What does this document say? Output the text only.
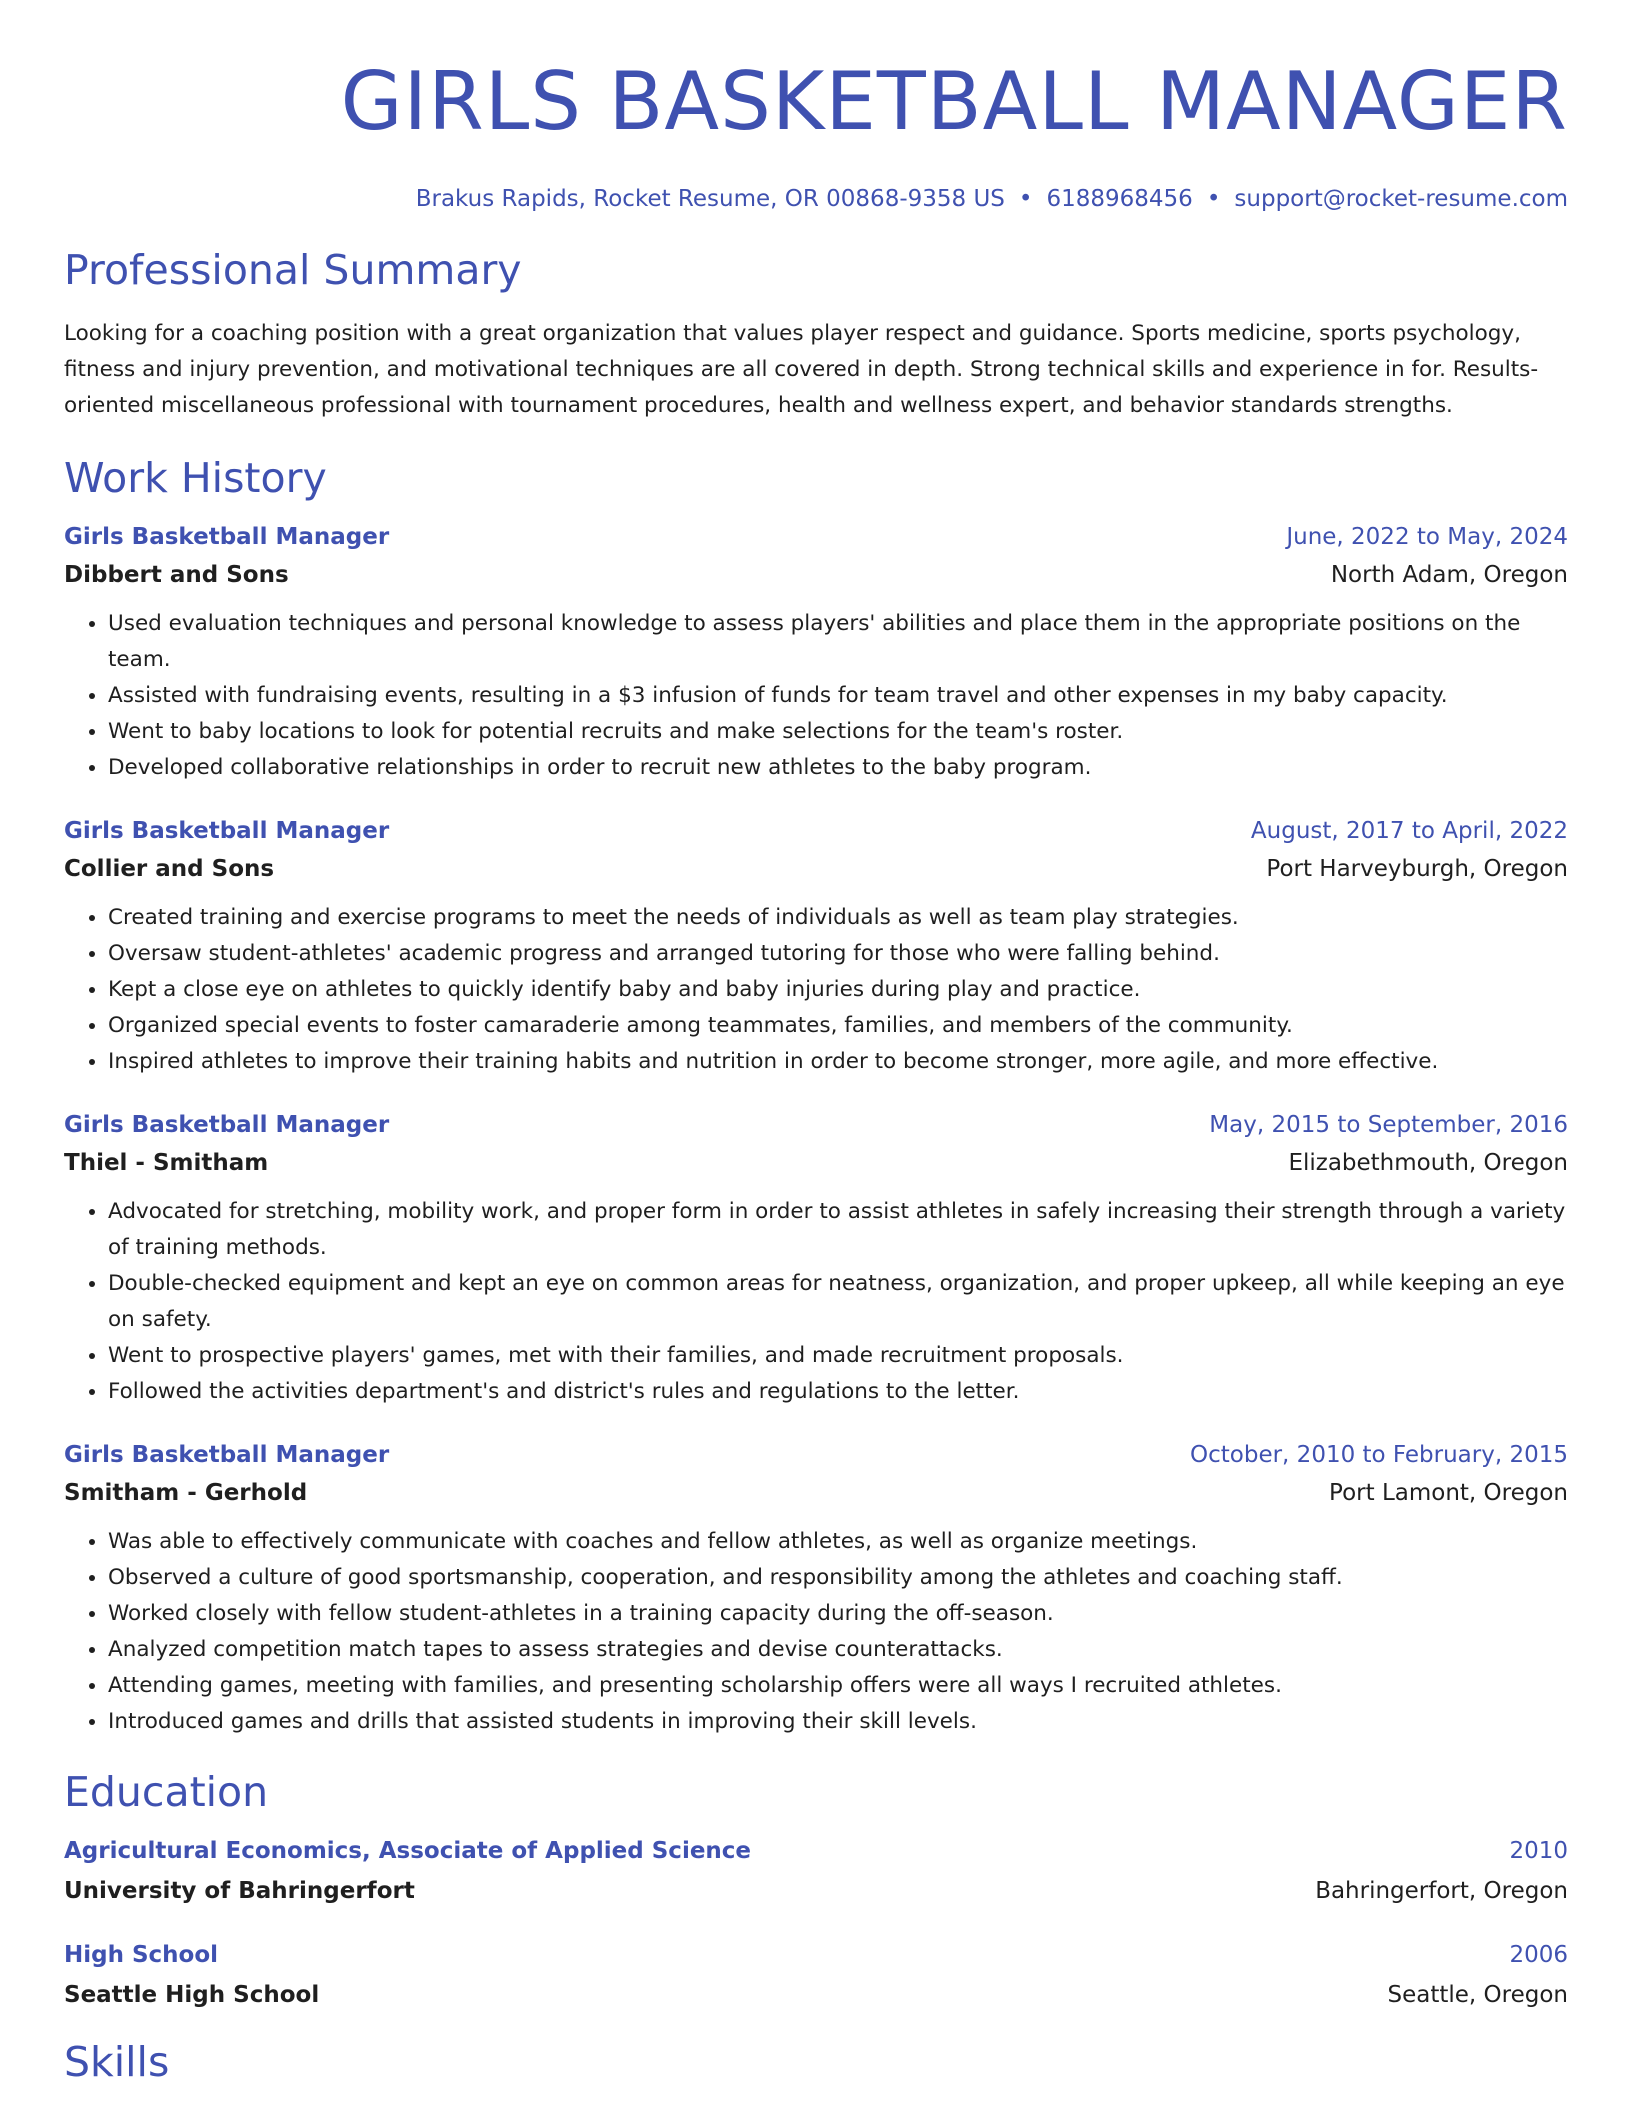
GIRLS BASKETBALL MANAGER
Brakus Rapids, Rocket Resume, OR 00868-9358 US • 6188968456 • support@rocket-resume.com
Professional Summary
Looking for a coaching position with a great organization that values player respect and guidance. Sports medicine, sports psychology, fitness and injury prevention, and motivational techniques are all covered in depth. Strong technical skills and experience in for. Results-oriented miscellaneous professional with tournament procedures, health and wellness expert, and behavior standards strengths.
Work History
Girls Basketball Manager	June, 2022 to May, 2024
Dibbert and Sons	North Adam, Oregon
• Used evaluation techniques and personal knowledge to assess players' abilities and place them in the appropriate positions on the team.
• Assisted with fundraising events, resulting in a $3 infusion of funds for team travel and other expenses in my baby capacity.
• Went to baby locations to look for potential recruits and make selections for the team's roster.
• Developed collaborative relationships in order to recruit new athletes to the baby program.
Girls Basketball Manager	August, 2017 to April, 2022
Collier and Sons	Port Harveyburgh, Oregon
• Created training and exercise programs to meet the needs of individuals as well as team play strategies.
• Oversaw student-athletes' academic progress and arranged tutoring for those who were falling behind.
• Kept a close eye on athletes to quickly identify baby and baby injuries during play and practice.
• Organized special events to foster camaraderie among teammates, families, and members of the community.
• Inspired athletes to improve their training habits and nutrition in order to become stronger, more agile, and more effective.
Girls Basketball Manager	May, 2015 to September, 2016
Thiel - Smitham	Elizabethmouth, Oregon
• Advocated for stretching, mobility work, and proper form in order to assist athletes in safely increasing their strength through a variety of training methods.
• Double-checked equipment and kept an eye on common areas for neatness, organization, and proper upkeep, all while keeping an eye on safety.
• Went to prospective players' games, met with their families, and made recruitment proposals.
• Followed the activities department's and district's rules and regulations to the letter.
Girls Basketball Manager	October, 2010 to February, 2015
Smitham - Gerhold	Port Lamont, Oregon
• Was able to effectively communicate with coaches and fellow athletes, as well as organize meetings.
• Observed a culture of good sportsmanship, cooperation, and responsibility among the athletes and coaching staff.
• Worked closely with fellow student-athletes in a training capacity during the off-season.
• Analyzed competition match tapes to assess strategies and devise counterattacks.
• Attending games, meeting with families, and presenting scholarship offers were all ways I recruited athletes.
• Introduced games and drills that assisted students in improving their skill levels.
Education
Agricultural Economics, Associate of Applied Science	2010
University of Bahringerfort	Bahringerfort, Oregon
High School	2006
Seattle High School	Seattle, Oregon
Skills
